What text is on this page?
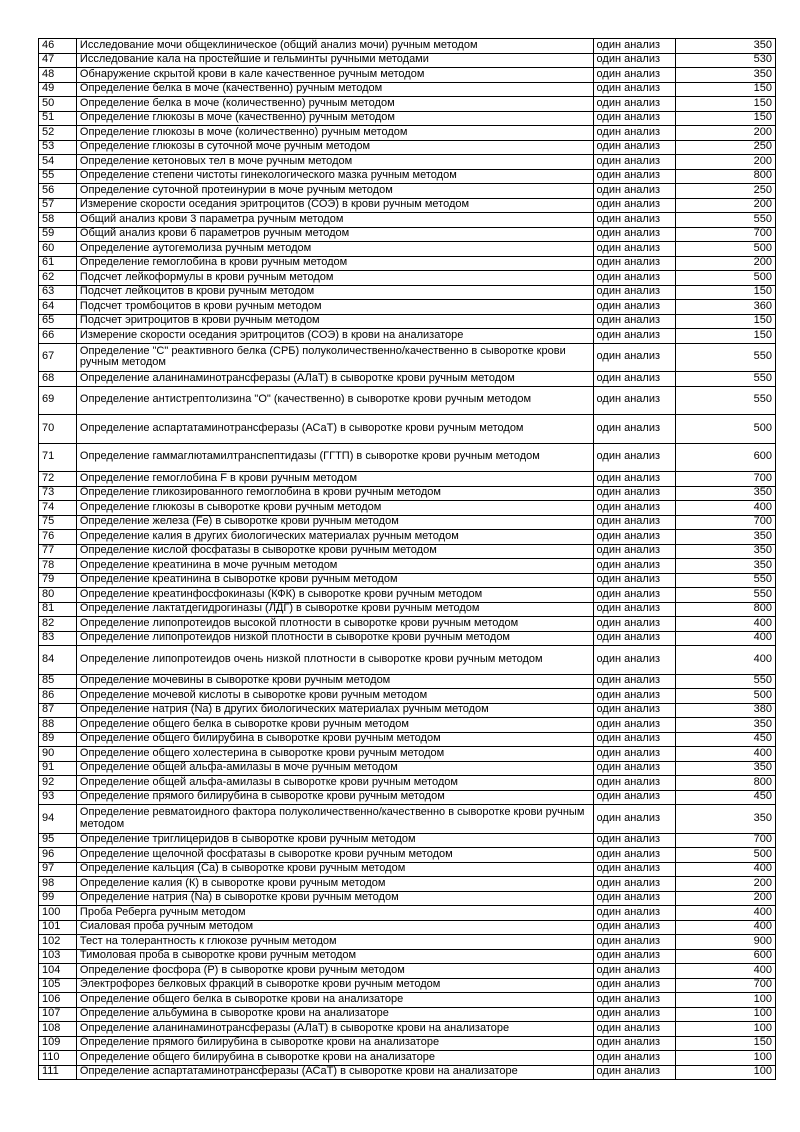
46	Исследование мочи общеклиническое (общий анализ мочи) ручным методом	один анализ	350
47	Исследование кала на простейшие и гельминты ручными методами	один анализ	530
48	Обнаружение скрытой крови в кале качественное ручным методом	один анализ	350
49	Определение белка в моче (качественно) ручным методом	один анализ	150
50	Определение белка в моче (количественно) ручным методом	один анализ	150
51	Определение глюкозы в моче (качественно) ручным методом	один анализ	150
52	Определение глюкозы в моче (количественно) ручным методом	один анализ	200
53	Определение глюкозы в суточной моче ручным методом	один анализ	250
54	Определение кетоновых тел в моче ручным методом	один анализ	200
55	Определение степени чистоты гинекологического мазка ручным методом	один анализ	800
56	Определение суточной протеинурии в моче ручным методом	один анализ	250
57	Измерение скорости оседания эритроцитов (СОЭ) в крови ручным методом	один анализ	200
58	Общий анализ крови 3 параметра ручным методом	один анализ	550
59	Общий анализ крови 6 параметров ручным методом	один анализ	700
60	Определение аутогемолиза ручным методом	один анализ	500
61	Определение гемоглобина в крови ручным методом	один анализ	200
62	Подсчет лейкоформулы в крови ручным методом	один анализ	500
63	Подсчет лейкоцитов в крови ручным методом	один анализ	150
64	Подсчет тромбоцитов в крови ручным методом	один анализ	360
65	Подсчет эритроцитов в крови ручным методом	один анализ	150
66	Измерение скорости оседания эритроцитов (СОЭ) в крови на анализаторе	один анализ	150
67	Определение "С" реактивного белка (СРБ) полуколичественно/качественно в сыворотке крови ручным методом	один анализ	550
68	Определение аланинаминотрансферазы (АЛаТ) в сыворотке крови ручным методом	один анализ	550
69	Определение антистрептолизина "О" (качественно) в сыворотке крови ручным методом	один анализ	550
70	Определение аспартатаминотрансферазы (АСаТ) в сыворотке крови ручным методом	один анализ	500
71	Определение гаммаглютамилтранспептидазы (ГГТП) в сыворотке крови ручным методом	один анализ	600
72	Определение гемоглобина F в крови ручным методом	один анализ	700
73	Определение гликозированного гемоглобина в крови ручным методом	один анализ	350
74	Определение глюкозы в сыворотке крови ручным методом	один анализ	400
75	Определение железа (Fe) в сыворотке крови ручным методом	один анализ	700
76	Определение калия в других биологических материалах ручным методом	один анализ	350
77	Определение кислой фосфатазы в сыворотке крови ручным методом	один анализ	350
78	Определение креатинина в моче ручным методом	один анализ	350
79	Определение креатинина в сыворотке крови ручным методом	один анализ	550
80	Определение креатинфосфокиназы (КФК) в сыворотке крови ручным методом	один анализ	550
81	Определение лактатдегидрогиназы (ЛДГ) в сыворотке крови ручным методом	один анализ	800
82	Определение липопротеидов высокой плотности в сыворотке крови ручным методом	один анализ	400
83	Определение липопротеидов низкой плотности в сыворотке крови ручным методом	один анализ	400
84	Определение липопротеидов очень низкой плотности в сыворотке крови ручным методом	один анализ	400
85	Определение мочевины в сыворотке крови ручным методом	один анализ	550
86	Определение мочевой кислоты в сыворотке крови ручным методом	один анализ	500
87	Определение натрия (Na) в других биологических материалах ручным методом	один анализ	380
88	Определение общего белка в сыворотке крови ручным методом	один анализ	350
89	Определение общего билирубина в сыворотке крови ручным методом	один анализ	450
90	Определение общего холестерина в сыворотке крови ручным методом	один анализ	400
91	Определение общей альфа-амилазы в моче ручным методом	один анализ	350
92	Определение общей альфа-амилазы в сыворотке крови ручным методом	один анализ	800
93	Определение прямого билирубина в сыворотке крови ручным методом	один анализ	450
94	Определение ревматоидного фактора полуколичественно/качественно в сыворотке крови ручным методом	один анализ	350
95	Определение триглицеридов в сыворотке крови ручным методом	один анализ	700
96	Определение щелочной фосфатазы в сыворотке крови ручным методом	один анализ	500
97	Определение кальция (Са) в сыворотке крови ручным методом	один анализ	400
98	Определение калия (К) в сыворотке крови ручным методом	один анализ	200
99	Определение натрия (Na) в сыворотке крови ручным методом	один анализ	200
100	Проба Реберга ручным методом	один анализ	400
101	Сиаловая проба ручным методом	один анализ	400
102	Тест на толерантность к глюкозе ручным методом	один анализ	900
103	Тимоловая проба в сыворотке крови ручным методом	один анализ	600
104	Определение фосфора (Р) в сыворотке крови ручным методом	один анализ	400
105	Электрофорез белковых фракций в сыворотке крови ручным методом	один анализ	700
106	Определение общего белка в сыворотке крови на анализаторе	один анализ	100
107	Определение альбумина в сыворотке крови на анализаторе	один анализ	100
108	Определение аланинаминотрансферазы (АЛаТ) в сыворотке крови на анализаторе	один анализ	100
109	Определение прямого билирубина в сыворотке крови на анализаторе	один анализ	150
110	Определение общего билирубина в сыворотке крови на анализаторе	один анализ	100
111	Определение аспартатаминотрансферазы (АСаТ) в сыворотке крови на анализаторе	один анализ	100
